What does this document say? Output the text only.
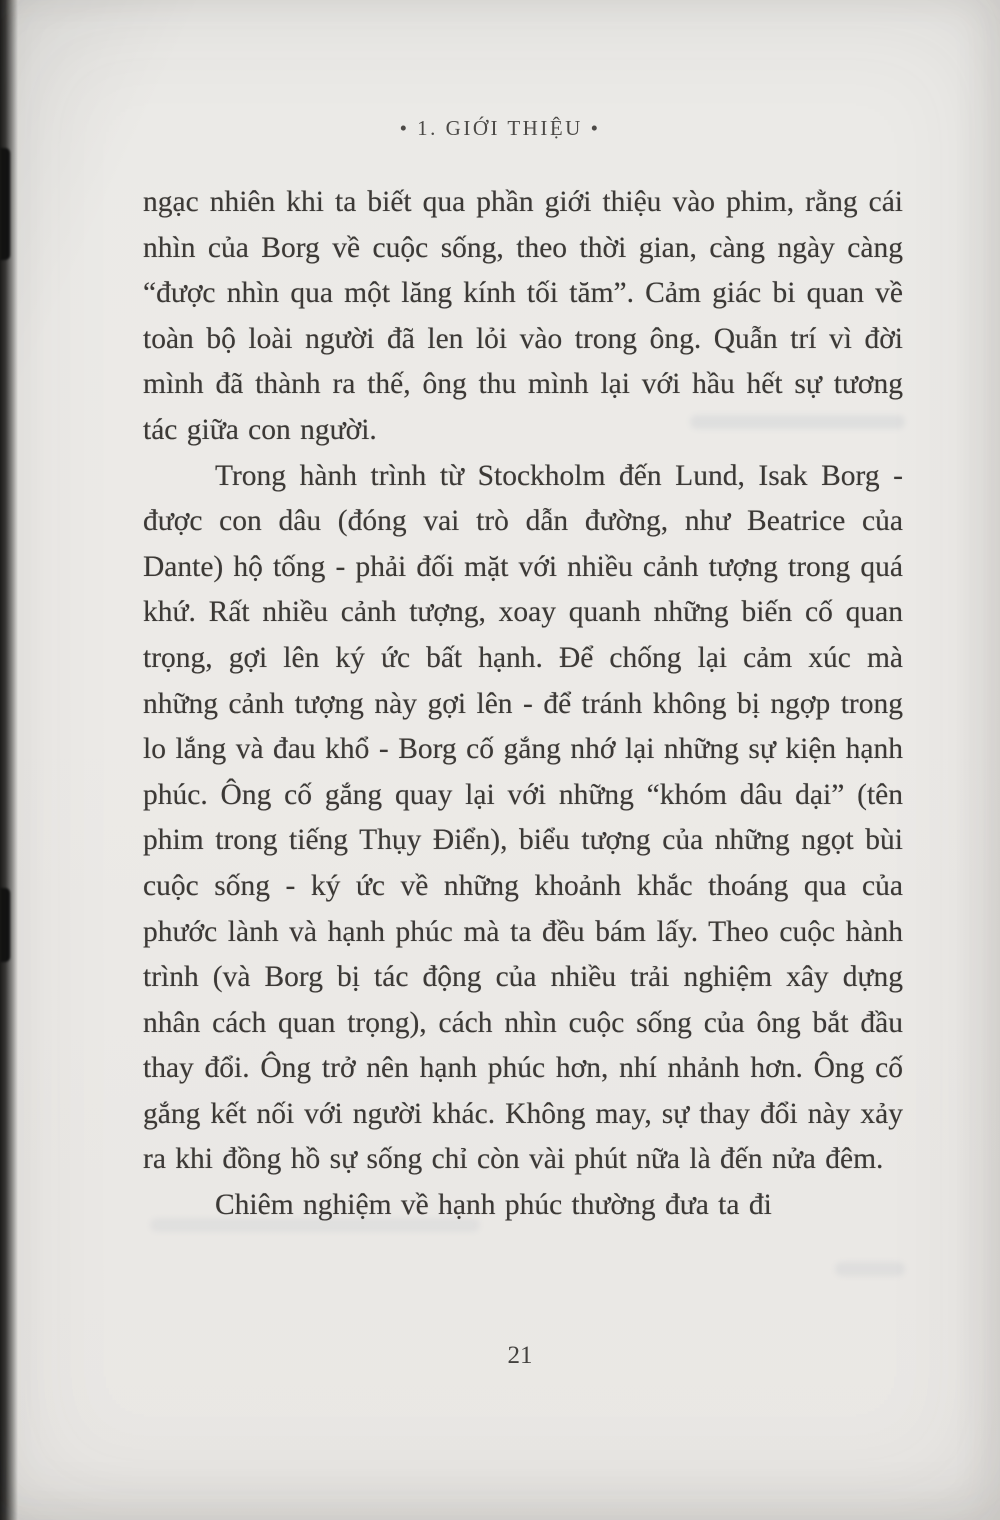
• 1. GIỚI THIỆU •

ngạc nhiên khi ta biết qua phần giới thiệu vào phim, rằng cái nhìn của Borg về cuộc sống, theo thời gian, càng ngày càng “được nhìn qua một lăng kính tối tăm”. Cảm giác bi quan về toàn bộ loài người đã len lỏi vào trong ông. Quẫn trí vì đời mình đã thành ra thế, ông thu mình lại với hầu hết sự tương tác giữa con người.

Trong hành trình từ Stockholm đến Lund, Isak Borg - được con dâu (đóng vai trò dẫn đường, như Beatrice của Dante) hộ tống - phải đối mặt với nhiều cảnh tượng trong quá khứ. Rất nhiều cảnh tượng, xoay quanh những biến cố quan trọng, gợi lên ký ức bất hạnh. Để chống lại cảm xúc mà những cảnh tượng này gợi lên - để tránh không bị ngợp trong lo lắng và đau khổ - Borg cố gắng nhớ lại những sự kiện hạnh phúc. Ông cố gắng quay lại với những “khóm dâu dại” (tên phim trong tiếng Thụy Điển), biểu tượng của những ngọt bùi cuộc sống - ký ức về những khoảnh khắc thoáng qua của phước lành và hạnh phúc mà ta đều bám lấy. Theo cuộc hành trình (và Borg bị tác động của nhiều trải nghiệm xây dựng nhân cách quan trọng), cách nhìn cuộc sống của ông bắt đầu thay đổi. Ông trở nên hạnh phúc hơn, nhí nhảnh hơn. Ông cố gắng kết nối với người khác. Không may, sự thay đổi này xảy ra khi đồng hồ sự sống chỉ còn vài phút nữa là đến nửa đêm.

Chiêm nghiệm về hạnh phúc thường đưa ta đi

21
